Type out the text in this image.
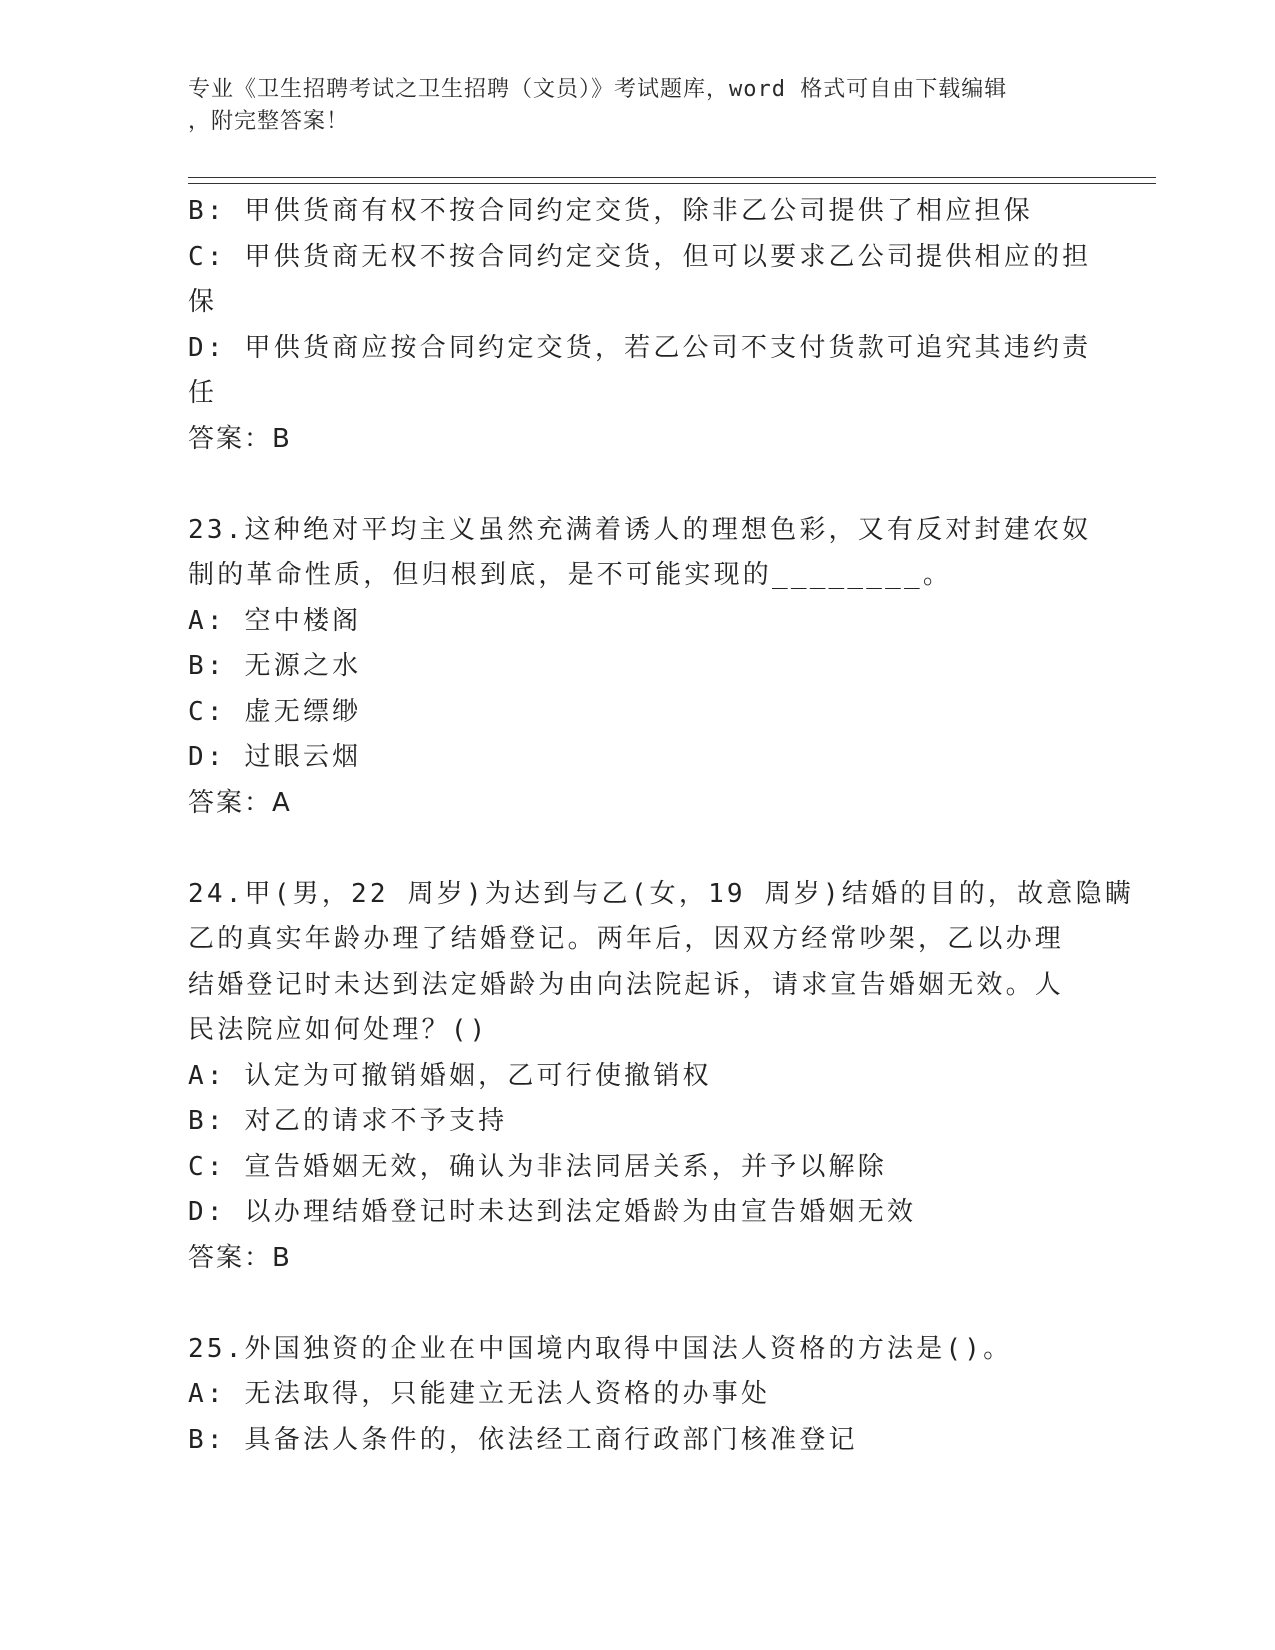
专业《卫生招聘考试之卫生招聘（文员）》考试题库，word 格式可自由下载编辑
，附完整答案！
B: 甲供货商有权不按合同约定交货，除非乙公司提供了相应担保
C: 甲供货商无权不按合同约定交货，但可以要求乙公司提供相应的担
保
D: 甲供货商应按合同约定交货，若乙公司不支付货款可追究其违约责
任
答案：B
23.这种绝对平均主义虽然充满着诱人的理想色彩，又有反对封建农奴
制的革命性质，但归根到底，是不可能实现的________。
A: 空中楼阁
B: 无源之水
C: 虚无缥缈
D: 过眼云烟
答案：A
24.甲(男，22 周岁)为达到与乙(女，19 周岁)结婚的目的，故意隐瞒
乙的真实年龄办理了结婚登记。两年后，因双方经常吵架，乙以办理
结婚登记时未达到法定婚龄为由向法院起诉，请求宣告婚姻无效。人
民法院应如何处理？()
A: 认定为可撤销婚姻，乙可行使撤销权
B: 对乙的请求不予支持
C: 宣告婚姻无效，确认为非法同居关系，并予以解除
D: 以办理结婚登记时未达到法定婚龄为由宣告婚姻无效
答案：B
25.外国独资的企业在中国境内取得中国法人资格的方法是()。
A: 无法取得，只能建立无法人资格的办事处
B: 具备法人条件的，依法经工商行政部门核准登记
